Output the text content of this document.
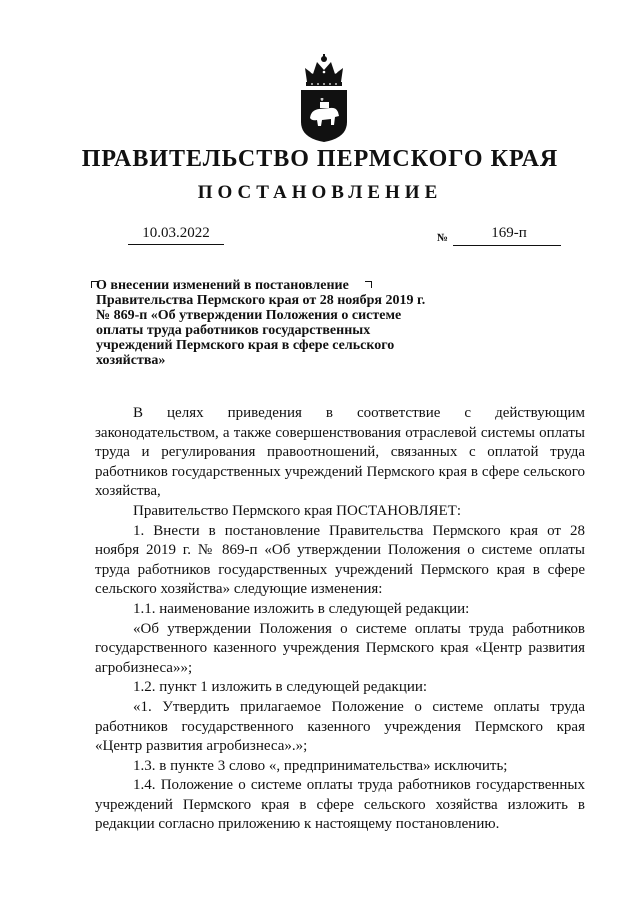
ПРАВИТЕЛЬСТВО ПЕРМСКОГО КРАЯ
ПОСТАНОВЛЕНИЕ
10.03.2022	№	169-п

О внесении изменений в постановление Правительства Пермского края от 28 ноября 2019 г. № 869-п «Об утверждении Положения о системе оплаты труда работников государственных учреждений Пермского края в сфере сельского хозяйства»

В целях приведения в соответствие с действующим законодательством, а также совершенствования отраслевой системы оплаты труда и регулирования правоотношений, связанных с оплатой труда работников государственных учреждений Пермского края в сфере сельского хозяйства,

Правительство Пермского края ПОСТАНОВЛЯЕТ:

1. Внести в постановление Правительства Пермского края от 28 ноября 2019 г. № 869-п «Об утверждении Положения о системе оплаты труда работников государственных учреждений Пермского края в сфере сельского хозяйства» следующие изменения:

1.1. наименование изложить в следующей редакции:

«Об утверждении Положения о системе оплаты труда работников государственного казенного учреждения Пермского края «Центр развития агробизнеса»»;

1.2. пункт 1 изложить в следующей редакции:

«1. Утвердить прилагаемое Положение о системе оплаты труда работников государственного казенного учреждения Пермского края «Центр развития агробизнеса».»;

1.3. в пункте 3 слово «, предпринимательства» исключить;

1.4. Положение о системе оплаты труда работников государственных учреждений Пермского края в сфере сельского хозяйства изложить в редакции согласно приложению к настоящему постановлению.
